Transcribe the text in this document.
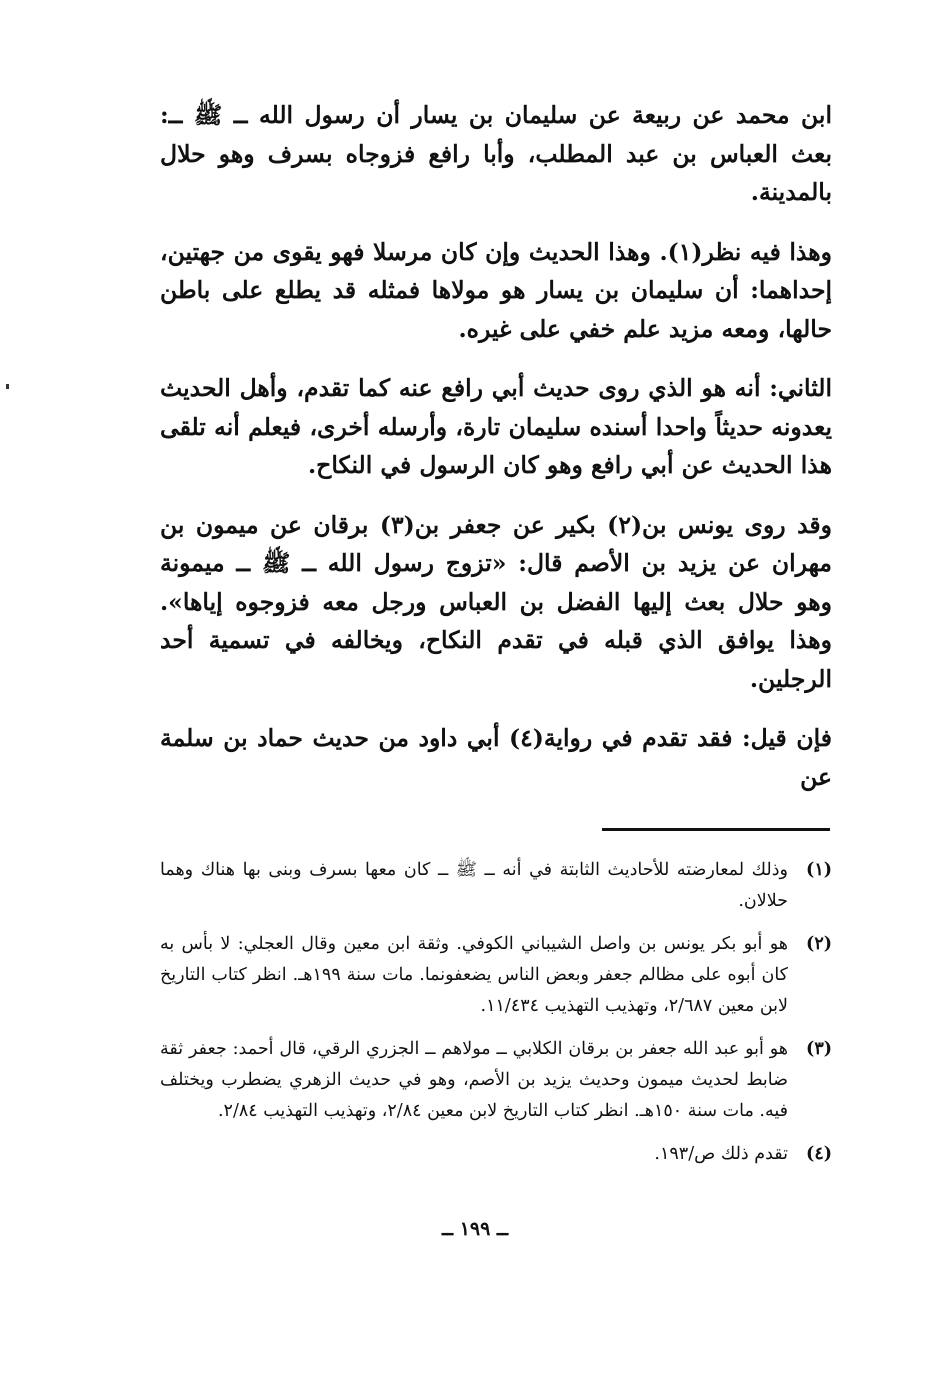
ابن محمد عن ربيعة عن سليمان بن يسار أن رسول الله ــ ﷺ ــ: بعث العباس بن عبد المطلب، وأبا رافع فزوجاه بسرف وهو حلال بالمدينة.

وهذا فيه نظر(١). وهذا الحديث وإن كان مرسلا فهو يقوى من جهتين، إحداهما: أن سليمان بن يسار هو مولاها فمثله قد يطلع على باطن حالها، ومعه مزيد علم خفي على غيره.

الثاني: أنه هو الذي روى حديث أبي رافع عنه كما تقدم، وأهل الحديث يعدونه حديثاً واحدا أسنده سليمان تارة، وأرسله أخرى، فيعلم أنه تلقى هذا الحديث عن أبي رافع وهو كان الرسول في النكاح.

وقد روى يونس بن(٢) بكير عن جعفر بن(٣) برقان عن ميمون بن مهران عن يزيد بن الأصم قال: «تزوج رسول الله ــ ﷺ ــ ميمونة وهو حلال بعث إليها الفضل بن العباس ورجل معه فزوجوه إياها». وهذا يوافق الذي قبله في تقدم النكاح، ويخالفه في تسمية أحد الرجلين.

فإن قيل: فقد تقدم في رواية(٤) أبي داود من حديث حماد بن سلمة عن

(١)
وذلك لمعارضته للأحاديث الثابتة في أنه ــ ﷺ ــ كان معها بسرف وبنى بها هناك وهما حلالان.
(٢)
هو أبو بكر يونس بن واصل الشيباني الكوفي. وثقة ابن معين وقال العجلي: لا بأس به كان أبوه على مظالم جعفر وبعض الناس يضعفونما. مات سنة ١٩٩هـ. انظر كتاب التاريخ لابن معين ٢/٦٨٧، وتهذيب التهذيب ١١/٤٣٤.
(٣)
هو أبو عبد الله جعفر بن برقان الكلابي ــ مولاهم ــ الجزري الرقي، قال أحمد: جعفر ثقة ضابط لحديث ميمون وحديث يزيد بن الأصم، وهو في حديث الزهري يضطرب ويختلف فيه. مات سنة ١٥٠هـ. انظر كتاب التاريخ لابن معين ٢/٨٤، وتهذيب التهذيب ٢/٨٤.
(٤)
تقدم ذلك ص/١٩٣.
ــ ١٩٩ ــ
